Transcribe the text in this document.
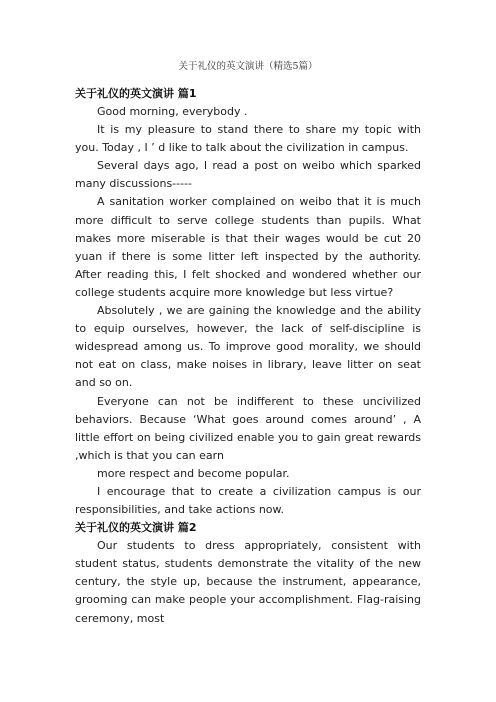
关于礼仪的英文演讲（精选5篇）
关于礼仪的英文演讲 篇1

Good morning, everybody .

It is my pleasure to stand there to share my topic with you. Today , I ’ d like to talk about the civilization in campus.

Several days ago, I read a post on weibo which sparked many discussions-----

A sanitation worker complained on weibo that it is much more difficult to serve college students than pupils. What makes more miserable is that their wages would be cut 20 yuan if there is some litter left inspected by the authority. After reading this, I felt shocked and wondered whether our college students acquire more knowledge but less virtue?

Absolutely , we are gaining the knowledge and the ability to equip ourselves, however, the lack of self-discipline is widespread among us. To improve good morality, we should not eat on class, make noises in library, leave litter on seat and so on.

Everyone can not be indifferent to these uncivilized behaviors. Because ‘What goes around comes around’ , A little effort on being civilized enable you to gain great rewards ,which is that you can earn

more respect and become popular.

I encourage that to create a civilization campus is our responsibilities, and take actions now.

关于礼仪的英文演讲 篇2

Our students to dress appropriately, consistent with student status, students demonstrate the vitality of the new century, the style up, because the instrument, appearance, grooming can make people your accomplishment. Flag-raising ceremony, most
